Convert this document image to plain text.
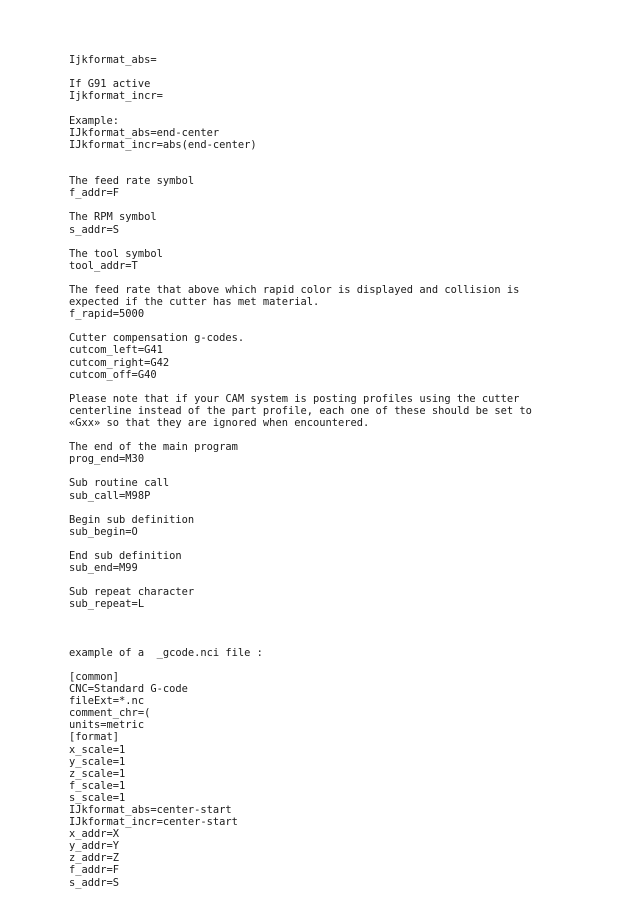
Ijkformat_abs=
If G91 active
Ijkformat_incr=
Example:
IJkformat_abs=end-center
IJkformat_incr=abs(end-center)
The feed rate symbol
f_addr=F
The RPM symbol
s_addr=S
The tool symbol
tool_addr=T
The feed rate that above which rapid color is displayed and collision is
expected if the cutter has met material.
f_rapid=5000
Cutter compensation g-codes.
cutcom_left=G41
cutcom_right=G42
cutcom_off=G40
Please note that if your CAM system is posting profiles using the cutter
centerline instead of the part profile, each one of these should be set to
«Gxx» so that they are ignored when encountered.
The end of the main program
prog_end=M30
Sub routine call
sub_call=M98P
Begin sub definition
sub_begin=O
End sub definition
sub_end=M99
Sub repeat character
sub_repeat=L
example of a  _gcode.nci file :
[common]
CNC=Standard G-code
fileExt=*.nc
comment_chr=(
units=metric
[format]
x_scale=1
y_scale=1
z_scale=1
f_scale=1
s_scale=1
IJkformat_abs=center-start
IJkformat_incr=center-start
x_addr=X
y_addr=Y
z_addr=Z
f_addr=F
s_addr=S
